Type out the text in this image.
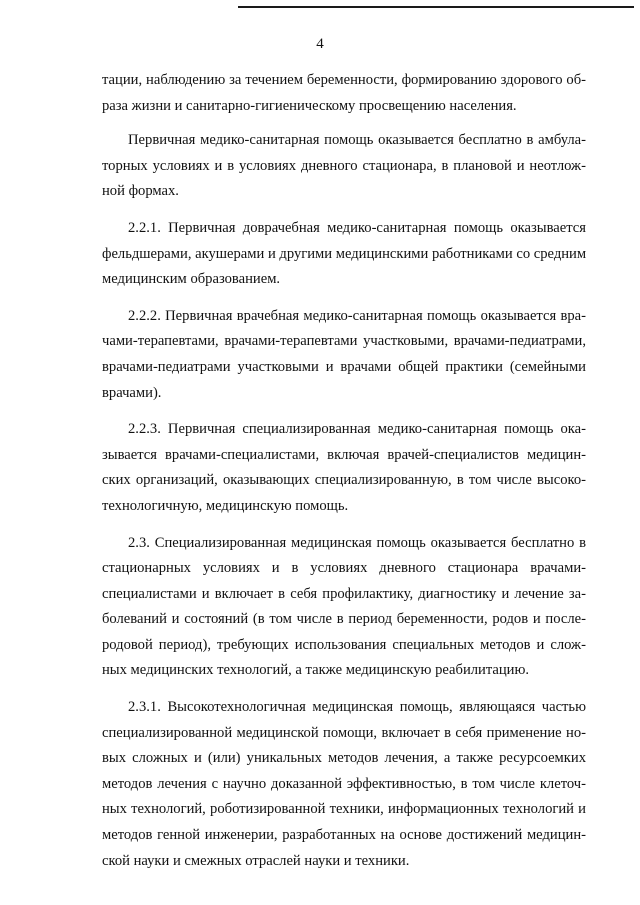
4

тации, наблюдению за течением беременности, формированию здорового об-
раза жизни и санитарно-гигиеническому просвещению населения.

Первичная медико-санитарная помощь оказывается бесплатно в амбула-
торных условиях и в условиях дневного стационара, в плановой и неотлож-
ной формах.

2.2.1. Первичная доврачебная медико-санитарная помощь оказывается
фельдшерами, акушерами и другими медицинскими работниками со средним
медицинским образованием.

2.2.2. Первичная врачебная медико-санитарная помощь оказывается вра-
чами-терапевтами, врачами-терапевтами участковыми, врачами-педиатрами,
врачами-педиатрами участковыми и врачами общей практики (семейными
врачами).

2.2.3. Первичная специализированная медико-санитарная помощь ока-
зывается врачами-специалистами, включая врачей-специалистов медицин-
ских организаций, оказывающих специализированную, в том числе высоко-
технологичную, медицинскую помощь.

2.3. Специализированная медицинская помощь оказывается бесплатно в
стационарных условиях и в условиях дневного стационара врачами-
специалистами и включает в себя профилактику, диагностику и лечение за-
болеваний и состояний (в том числе в период беременности, родов и после-
родовой период), требующих использования специальных методов и слож-
ных медицинских технологий, а также медицинскую реабилитацию.

2.3.1. Высокотехнологичная медицинская помощь, являющаяся частью
специализированной медицинской помощи, включает в себя применение но-
вых сложных и (или) уникальных методов лечения, а также ресурсоемких
методов лечения с научно доказанной эффективностью, в том числе клеточ-
ных технологий, роботизированной техники, информационных технологий и
методов генной инженерии, разработанных на основе достижений медицин-
ской науки и смежных отраслей науки и техники.
